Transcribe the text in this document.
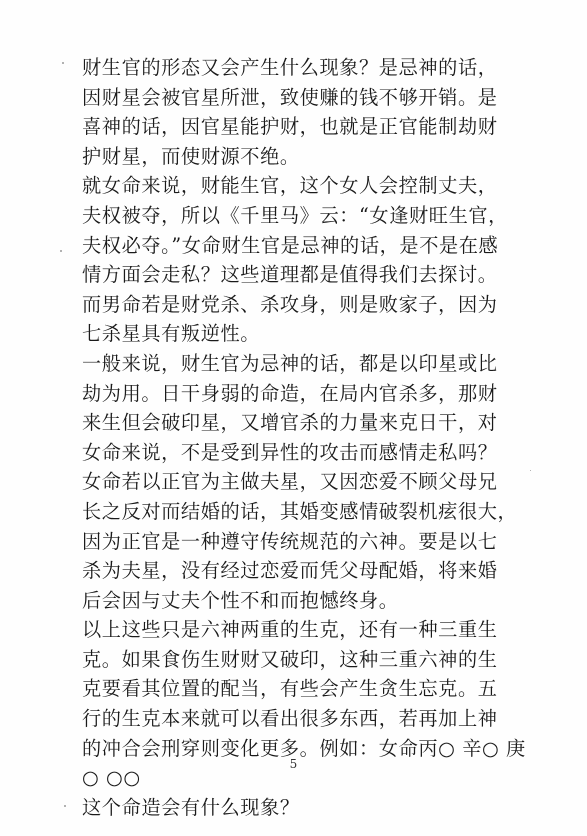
财生官的形态又会产生什么现象？是忌神的话，
因财星会被官星所泄，致使赚的钱不够开销。是
喜神的话，因官星能护财，也就是正官能制劫财
护财星，而使财源不绝。
就女命来说，财能生官，这个女人会控制丈夫，
夫权被夺，所以《千里马》云：“女逢财旺生官，
夫权必夺。”女命财生官是忌神的话，是不是在感
情方面会走私？这些道理都是值得我们去探讨。
而男命若是财党杀、杀攻身，则是败家子，因为
七杀星具有叛逆性。
一般来说，财生官为忌神的话，都是以印星或比
劫为用。日干身弱的命造，在局内官杀多，那财
来生但会破印星，又增官杀的力量来克日干，对
女命来说，不是受到异性的攻击而感情走私吗？
女命若以正官为主做夫星，又因恋爱不顾父母兄
长之反对而结婚的话，其婚变感情破裂机痃很大，
因为正官是一种遵守传统规范的六神。要是以七
杀为夫星，没有经过恋爱而凭父母配婚，将来婚
后会因与丈夫个性不和而抱憾终身。
以上这些只是六神两重的生克，还有一种三重生
克。如果食伤生财财又破印，这种三重六神的生
克要看其位置的配当，有些会产生贪生忘克。五
行的生克本来就可以看出很多东西，若再加上神
的冲合会刑穿则变化更多。例如：女命丙○ 辛○ 庚
○ ○○
这个命造会有什么现象？
5
